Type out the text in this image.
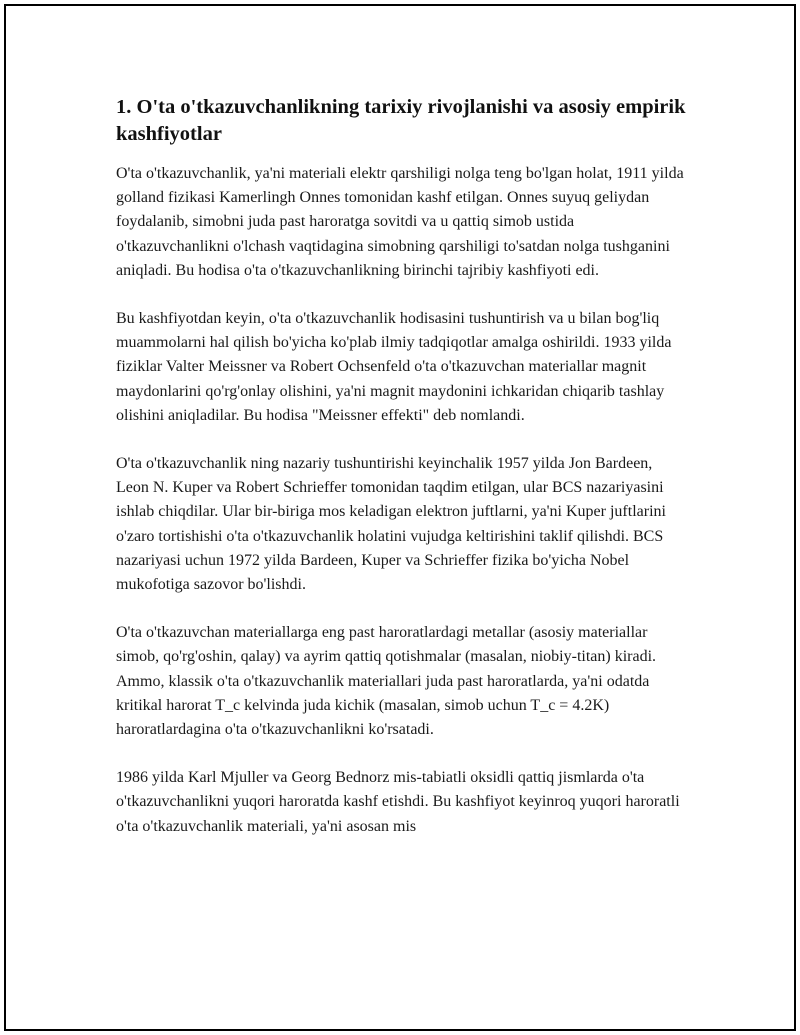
1. O'ta o'tkazuvchanlikning tarixiy rivojlanishi va asosiy empirik kashfiyotlar

O'ta o'tkazuvchanlik, ya'ni materiali elektr qarshiligi nolga teng bo'lgan holat, 1911 yilda golland fizikasi Kamerlingh Onnes tomonidan kashf etilgan. Onnes suyuq geliydan foydalanib, simobni juda past haroratga sovitdi va u qattiq simob ustida o'tkazuvchanlikni o'lchash vaqtidagina simobning qarshiligi to'satdan nolga tushganini aniqladi. Bu hodisa o'ta o'tkazuvchanlikning birinchi tajribiy kashfiyoti edi.

Bu kashfiyotdan keyin, o'ta o'tkazuvchanlik hodisasini tushuntirish va u bilan bog'liq muammolarni hal qilish bo'yicha ko'plab ilmiy tadqiqotlar amalga oshirildi. 1933 yilda fiziklar Valter Meissner va Robert Ochsenfeld o'ta o'tkazuvchan materiallar magnit maydonlarini qo'rg'onlay olishini, ya'ni magnit maydonini ichkaridan chiqarib tashlay olishini aniqladilar. Bu hodisa "Meissner effekti" deb nomlandi.

O'ta o'tkazuvchanlik ning nazariy tushuntirishi keyinchalik 1957 yilda Jon Bardeen, Leon N. Kuper va Robert Schrieffer tomonidan taqdim etilgan, ular BCS nazariyasini ishlab chiqdilar. Ular bir-biriga mos keladigan elektron juftlarni, ya'ni Kuper juftlarini o'zaro tortishishi o'ta o'tkazuvchanlik holatini vujudga keltirishini taklif qilishdi. BCS nazariyasi uchun 1972 yilda Bardeen, Kuper va Schrieffer fizika bo'yicha Nobel mukofotiga sazovor bo'lishdi.

O'ta o'tkazuvchan materiallarga eng past haroratlardagi metallar (asosiy materiallar simob, qo'rg'oshin, qalay) va ayrim qattiq qotishmalar (masalan, niobiy-titan) kiradi. Ammo, klassik o'ta o'tkazuvchanlik materiallari juda past haroratlarda, ya'ni odatda kritikal harorat T_c kelvinda juda kichik (masalan, simob uchun T_c = 4.2K) haroratlardagina o'ta o'tkazuvchanlikni ko'rsatadi.

1986 yilda Karl Mjuller va Georg Bednorz mis-tabiatli oksidli qattiq jismlarda o'ta o'tkazuvchanlikni yuqori haroratda kashf etishdi. Bu kashfiyot keyinroq yuqori haroratli o'ta o'tkazuvchanlik materiali, ya'ni asosan mis
